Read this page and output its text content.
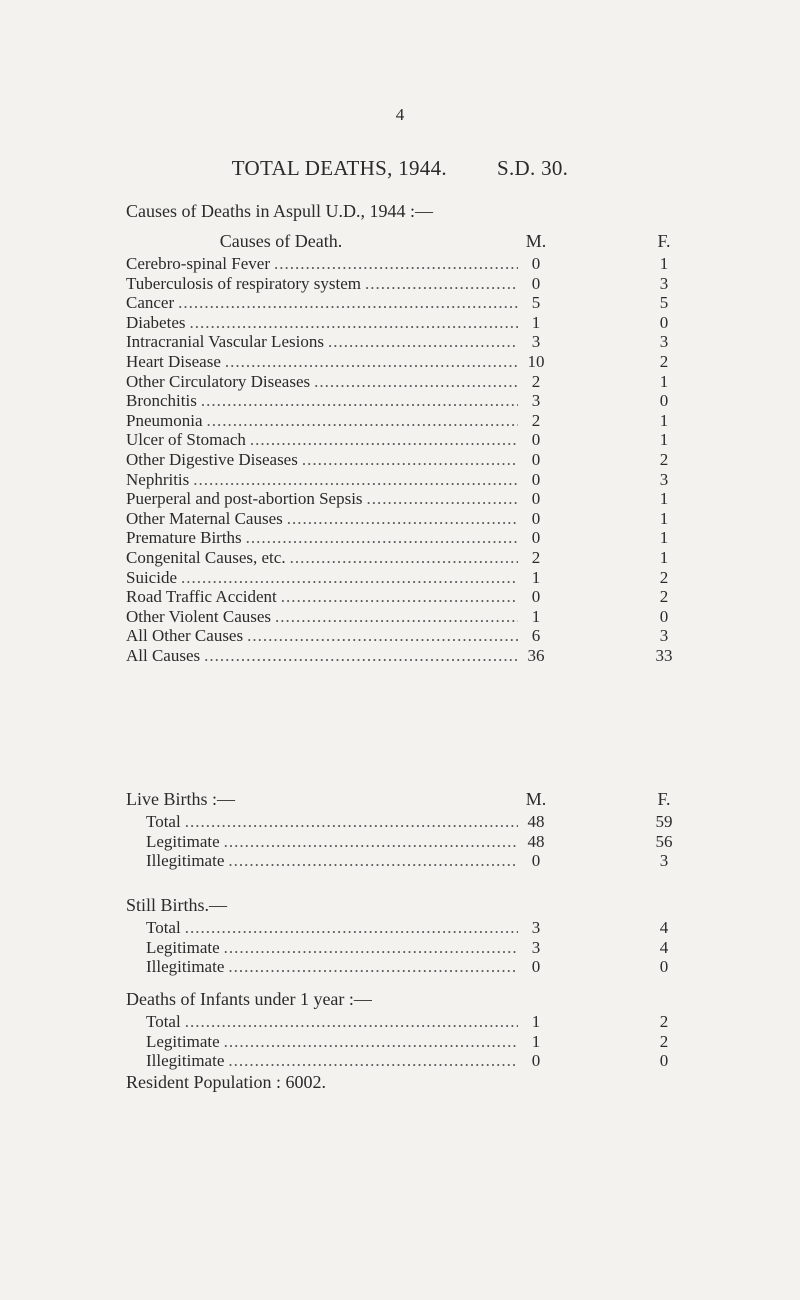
4
TOTAL DEATHS, 1944. S.D. 30.
Causes of Deaths in Aspull U.D., 1944 :—
Causes of Death.	M.	F.
Cerebro-spinal Fever .....	0	1
Tuberculosis of respiratory system .....	0	3
Cancer .....	5	5
Diabetes .....	1	0
Intracranial Vascular Lesions .....	3	3
Heart Disease .....	10	2
Other Circulatory Diseases .....	2	1
Bronchitis .....	3	0
Pneumonia .....	2	1
Ulcer of Stomach .....	0	1
Other Digestive Diseases .....	0	2
Nephritis .....	0	3
Puerperal and post-abortion Sepsis .....	0	1
Other Maternal Causes .....	0	1
Premature Births .....	0	1
Congenital Causes, etc. .....	2	1
Suicide .....	1	2
Road Traffic Accident .....	0	2
Other Violent Causes .....	1	0
All Other Causes .....	6	3
All Causes .....	36	33
Live Births :—	M.	F.
Total .....	48	59
Legitimate .....	48	56
Illegitimate .....	0	3
Still Births.—
Total .....	3	4
Legitimate .....	3	4
Illegitimate .....	0	0
Deaths of Infants under 1 year :—
Total .....	1	2
Legitimate .....	1	2
Illegitimate .....	0	0
Resident Population : 6002.
